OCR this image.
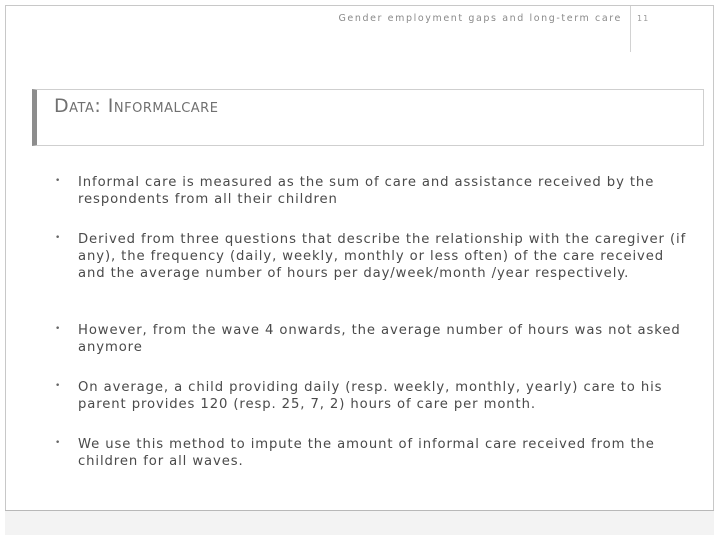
Gender employment gaps and long-term care 11
Data: Informalcare
• Informal care is measured as the sum of care and assistance received by the respondents from all their children
• Derived from three questions that describe the relationship with the caregiver (if any), the frequency (daily, weekly, monthly or less often) of the care received and the average number of hours per day/week/month /year respectively.
• However, from the wave 4 onwards, the average number of hours was not asked anymore
• On average, a child providing daily (resp. weekly, monthly, yearly) care to his parent provides 120 (resp. 25, 7, 2) hours of care per month.
• We use this method to impute the amount of informal care received from the children for all waves.
